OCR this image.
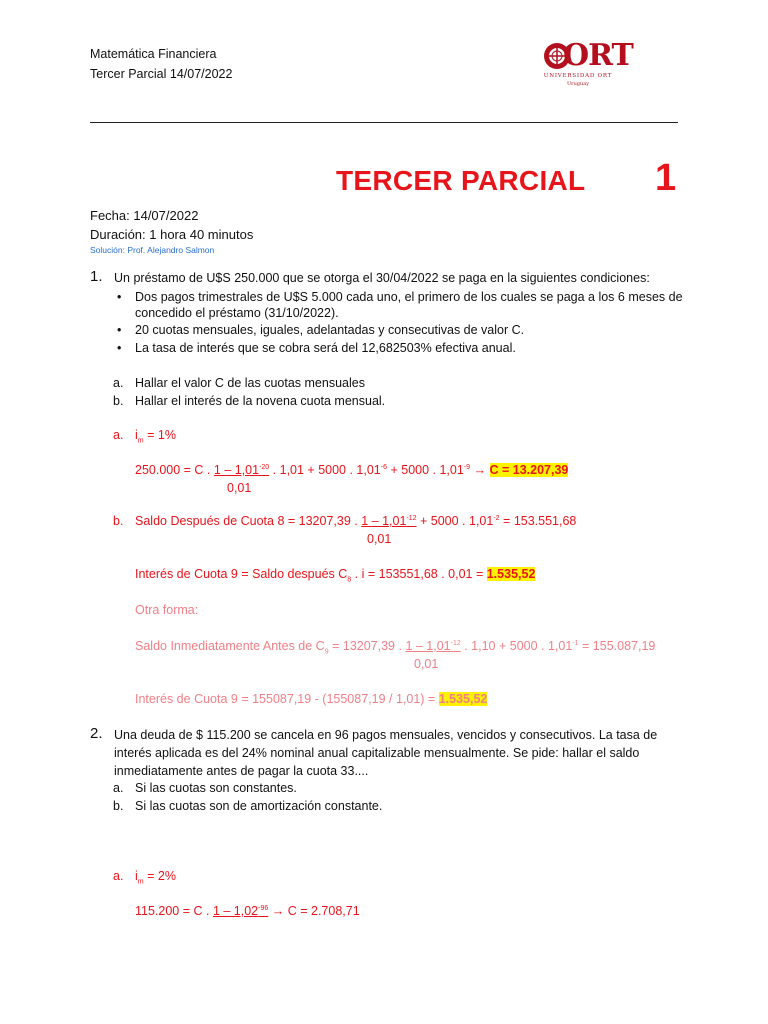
Matemática Financiera
Tercer Parcial 14/07/2022
ORT
UNIVERSIDAD ORT
Uruguay
TERCER PARCIAL 1
Fecha: 14/07/2022
Duración: 1 hora 40 minutos
Solución: Prof. Alejandro Salmon
1. Un préstamo de U$S 250.000 que se otorga el 30/04/2022 se paga en la siguientes condiciones:
• Dos pagos trimestrales de U$S 5.000 cada uno, el primero de los cuales se paga a los 6 meses de
concedido el préstamo (31/10/2022).
• 20 cuotas mensuales, iguales, adelantadas y consecutivas de valor C.
• La tasa de interés que se cobra será del 12,682503% efectiva anual.
a. Hallar el valor C de las cuotas mensuales
b. Hallar el interés de la novena cuota mensual.
a. $i_m = 1\%$
250.000 = C . $1 - 1,01^{-20}$ . 1,01 + 5000 . $1,01^{-6} + 5000$ . $1,01^{-9} \to C = 13.207,39$
0,01
b. Saldo Después de Cuota 8 = 13207,39 . $1 - 1,01^{-12} + 5000$ . $1,01^{-2} = 153.551,68$
0,01
Interés de Cuota 9 = Saldo después $C_8$ . i = 153551,68 . 0,01 = 1.535,52
Otra forma:
Saldo Inmediatamente Antes de $C_9 = 13207,39$ . $1 - 1,01^{-12}$ . 1,10 + 5000 . $1,01^{-1} = 155.087,19$
0,01
Interés de Cuota 9 = 155087,19 - (155087,19 / 1,01) = 1.535,52
2. Una deuda de $ 115.200 se cancela en 96 pagos mensuales, vencidos y consecutivos. La tasa de
interés aplicada es del 24% nominal anual capitalizable mensualmente. Se pide: hallar el saldo
inmediatamente antes de pagar la cuota 33....
a. Si las cuotas son constantes.
b. Si las cuotas son de amortización constante.
a. $i_m = 2\%$
115.200 = C . $1 - 1,02^{-96} \to C = 2.708,71$
